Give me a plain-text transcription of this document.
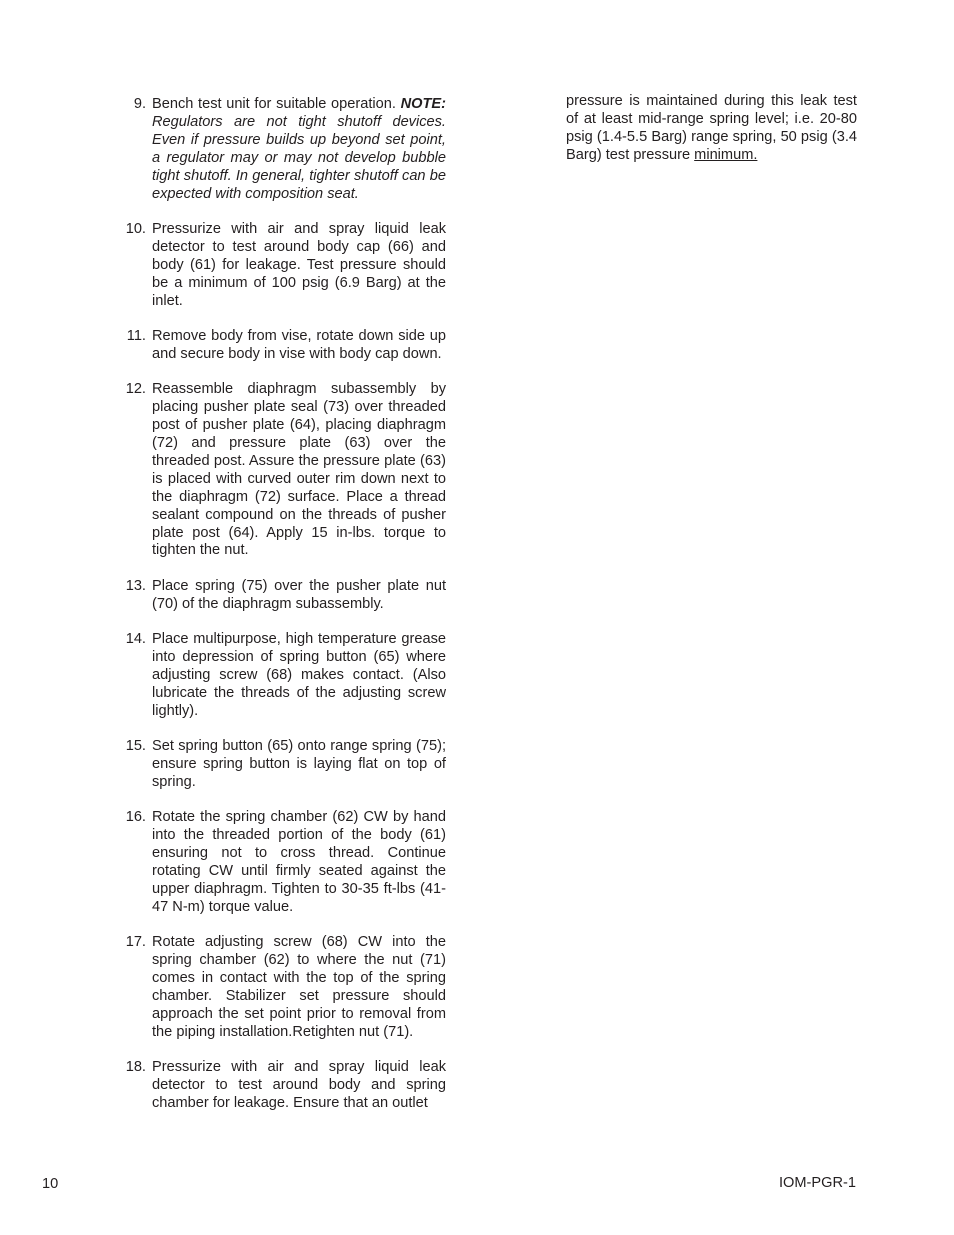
9. Bench test unit for suitable operation. NOTE: Regulators are not tight shutoff devices. Even if pressure builds up beyond set point, a regulator may or may not develop bubble tight shutoff. In general, tighter shutoff can be expected with composition seat.
10. Pressurize with air and spray liquid leak detector to test around body cap (66) and body (61) for leakage. Test pressure should be a minimum of 100 psig (6.9 Barg) at the inlet.
11. Remove body from vise, rotate down side up and secure body in vise with body cap down.
12. Reassemble diaphragm subassembly by placing pusher plate seal (73) over threaded post of pusher plate (64), placing diaphragm (72) and pressure plate (63) over the threaded post. Assure the pressure plate (63) is placed with curved outer rim down next to the diaphragm (72) surface. Place a thread sealant compound on the threads of pusher plate post (64). Apply 15 in-lbs. torque to tighten the nut.
13. Place spring (75) over the pusher plate nut (70) of the diaphragm subassembly.
14. Place multipurpose, high temperature grease into depression of spring button (65) where adjusting screw (68) makes contact. (Also lubricate the threads of the adjusting screw lightly).
15. Set spring button (65) onto range spring (75); ensure spring button is laying flat on top of spring.
16. Rotate the spring chamber (62) CW by hand into the threaded portion of the body (61) ensuring not to cross thread. Continue rotating CW until firmly seated against the upper diaphragm. Tighten to 30-35 ft-lbs (41-47 N-m) torque value.
17. Rotate adjusting screw (68) CW into the spring chamber (62) to where the nut (71) comes in contact with the top of the spring chamber. Stabilizer set pressure should approach the set point prior to removal from the piping installation.Retighten nut (71).
18. Pressurize with air and spray liquid leak detector to test around body and spring chamber for leakage. Ensure that an outlet
pressure is maintained during this leak test of at least mid-range spring level; i.e. 20-80 psig (1.4-5.5 Barg) range spring, 50 psig (3.4 Barg) test pressure minimum.
10	IOM-PGR-1
